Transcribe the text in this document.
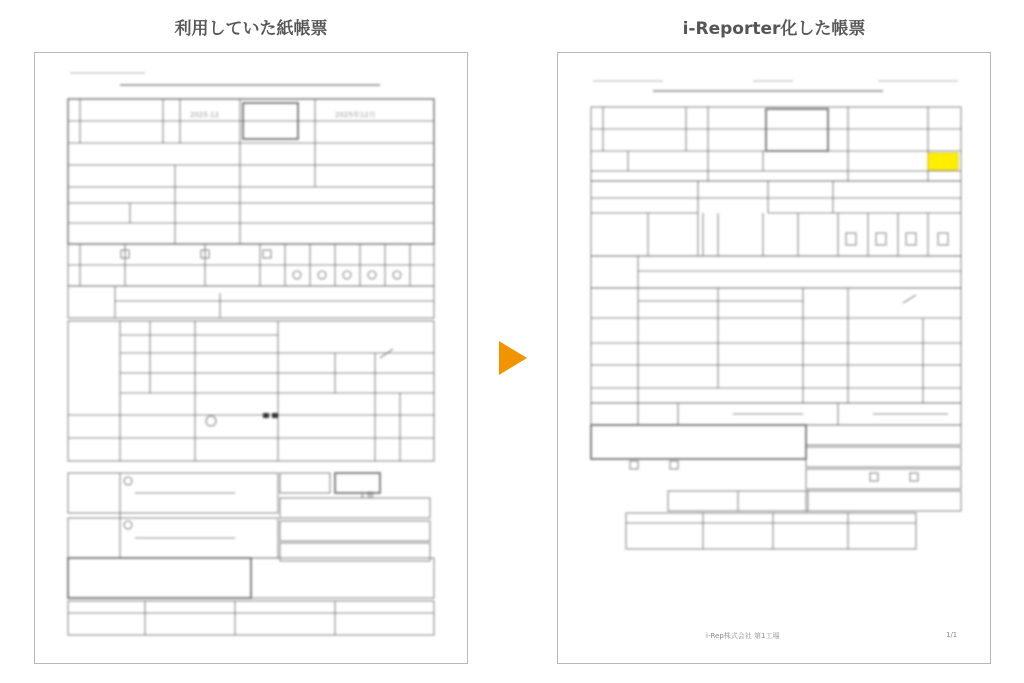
利用していた紙帳票	i-Reporter化した帳票
2025年12月
2025.12
1 個
i-Rep株式会社 第1工場	1/1
